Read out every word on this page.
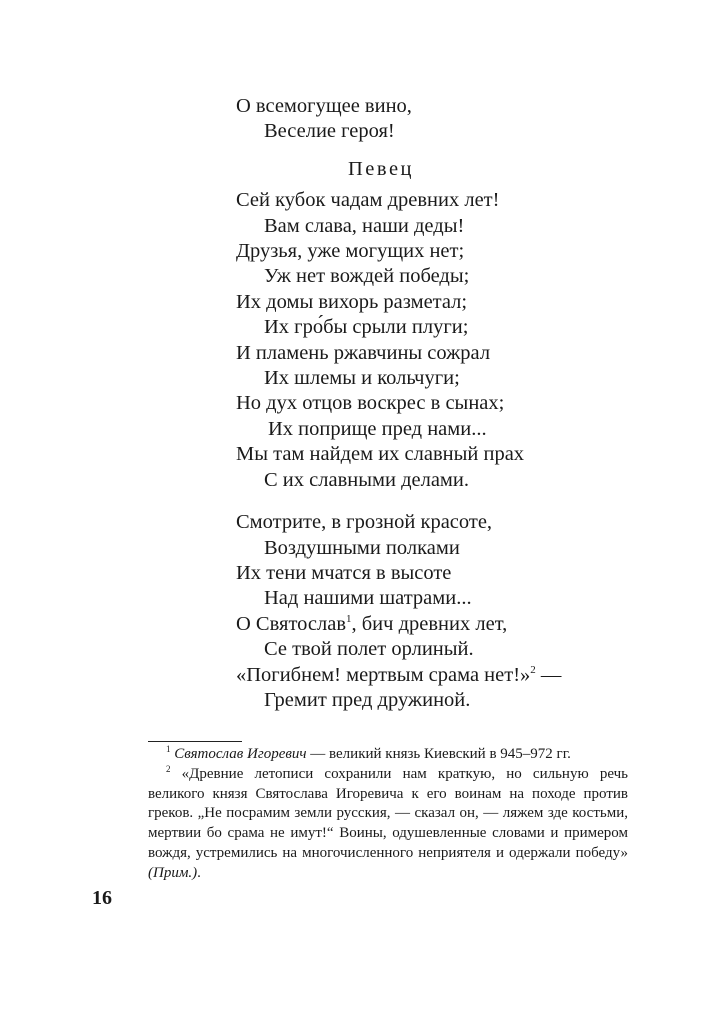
О всемогущее вино,
Веселие героя!
Певец
Сей кубок чадам древних лет!
Вам слава, наши деды!
Друзья, уже могущих нет;
Уж нет вождей победы;
Их домы вихорь разметал;
Их гро́бы срыли плуги;
И пламень ржавчины сожрал
Их шлемы и кольчуги;
Но дух отцов воскрес в сынах;
Их поприще пред нами...
Мы там найдем их славный прах
С их славными делами.
Смотрите, в грозной красоте,
Воздушными полками
Их тени мчатся в высоте
Над нашими шатрами...
О Святослав$^1$, бич древних лет,
Се твой полет орлиный.
«Погибнем! мертвым срама нет!»$^2$ —
Гремит пред дружиной.

$^1$ Святослав Игоревич — великий князь Киевский в 945–972 гг.

$^2$ «Древние летописи сохранили нам краткую, но сильную речь великого князя Святослава Игоревича к его воинам на походе против греков. „Не посрамим земли русския, — сказал он, — ляжем зде костьми, мертвии бо срама не имут!“ Воины, одушевленные словами и примером вождя, устремились на многочисленного неприятеля и одержали победу» (Прим.).

16
